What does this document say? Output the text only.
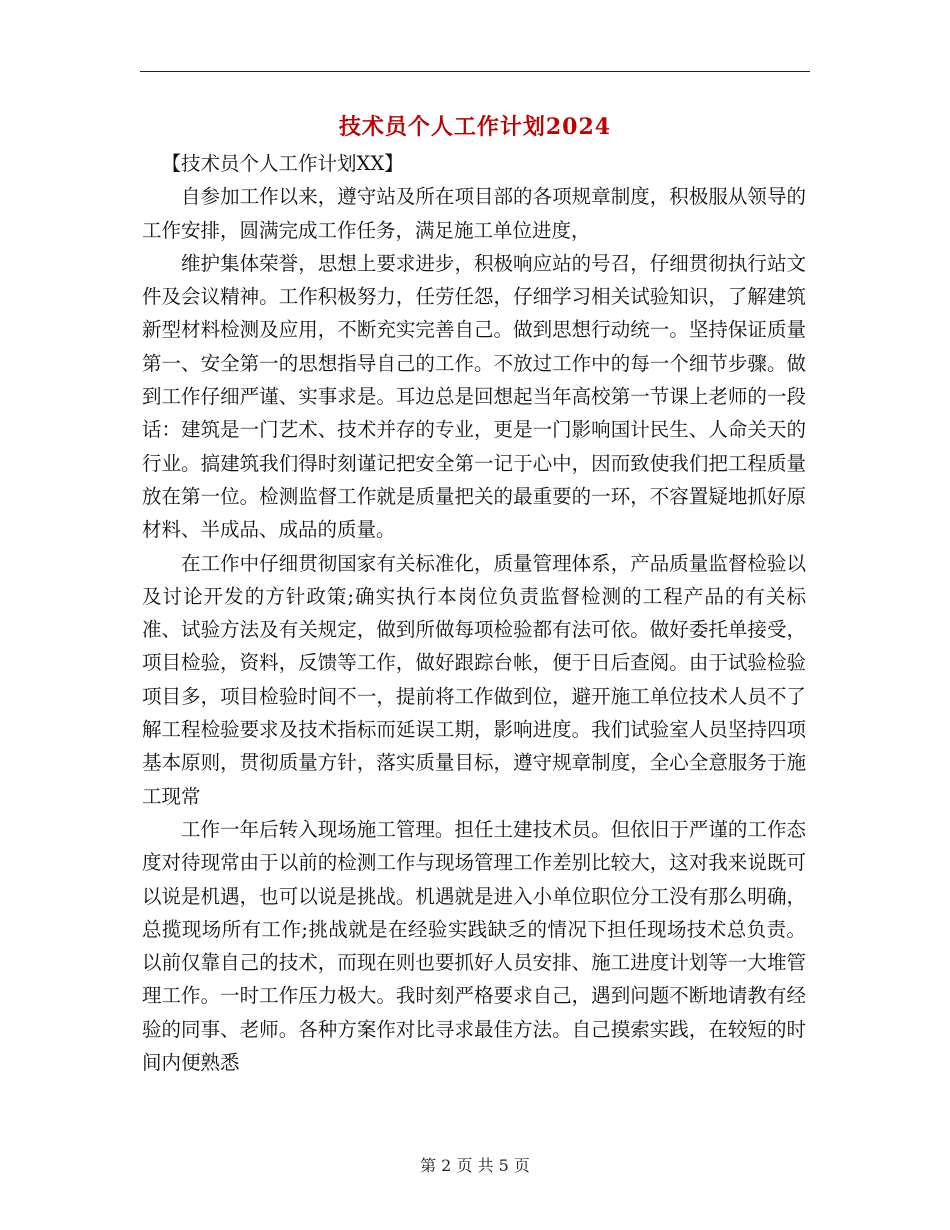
技术员个人工作计划2024

【技术员个人工作计划XX】

自参加工作以来，遵守站及所在项目部的各项规章制度，积极服从领导的工作安排，圆满完成工作任务，满足施工单位进度，

维护集体荣誉，思想上要求进步，积极响应站的号召，仔细贯彻执行站文件及会议精神。工作积极努力，任劳任怨，仔细学习相关试验知识，了解建筑新型材料检测及应用，不断充实完善自己。做到思想行动统一。坚持保证质量第一、安全第一的思想指导自己的工作。不放过工作中的每一个细节步骤。做到工作仔细严谨、实事求是。耳边总是回想起当年高校第一节课上老师的一段话：建筑是一门艺术、技术并存的专业，更是一门影响国计民生、人命关天的行业。搞建筑我们得时刻谨记把安全第一记于心中，因而致使我们把工程质量放在第一位。检测监督工作就是质量把关的最重要的一环，不容置疑地抓好原材料、半成品、成品的质量。

在工作中仔细贯彻国家有关标准化，质量管理体系，产品质量监督检验以及讨论开发的方针政策;确实执行本岗位负责监督检测的工程产品的有关标准、试验方法及有关规定，做到所做每项检验都有法可依。做好委托单接受，项目检验，资料，反馈等工作，做好跟踪台帐，便于日后查阅。由于试验检验项目多，项目检验时间不一，提前将工作做到位，避开施工单位技术人员不了解工程检验要求及技术指标而延误工期，影响进度。我们试验室人员坚持四项基本原则，贯彻质量方针，落实质量目标，遵守规章制度，全心全意服务于施工现常

工作一年后转入现场施工管理。担任土建技术员。但依旧于严谨的工作态度对待现常由于以前的检测工作与现场管理工作差别比较大，这对我来说既可以说是机遇，也可以说是挑战。机遇就是进入小单位职位分工没有那么明确，总揽现场所有工作;挑战就是在经验实践缺乏的情况下担任现场技术总负责。以前仅靠自己的技术，而现在则也要抓好人员安排、施工进度计划等一大堆管理工作。一时工作压力极大。我时刻严格要求自己，遇到问题不断地请教有经验的同事、老师。各种方案作对比寻求最佳方法。自己摸索实践，在较短的时间内便熟悉

第 2 页 共 5 页
